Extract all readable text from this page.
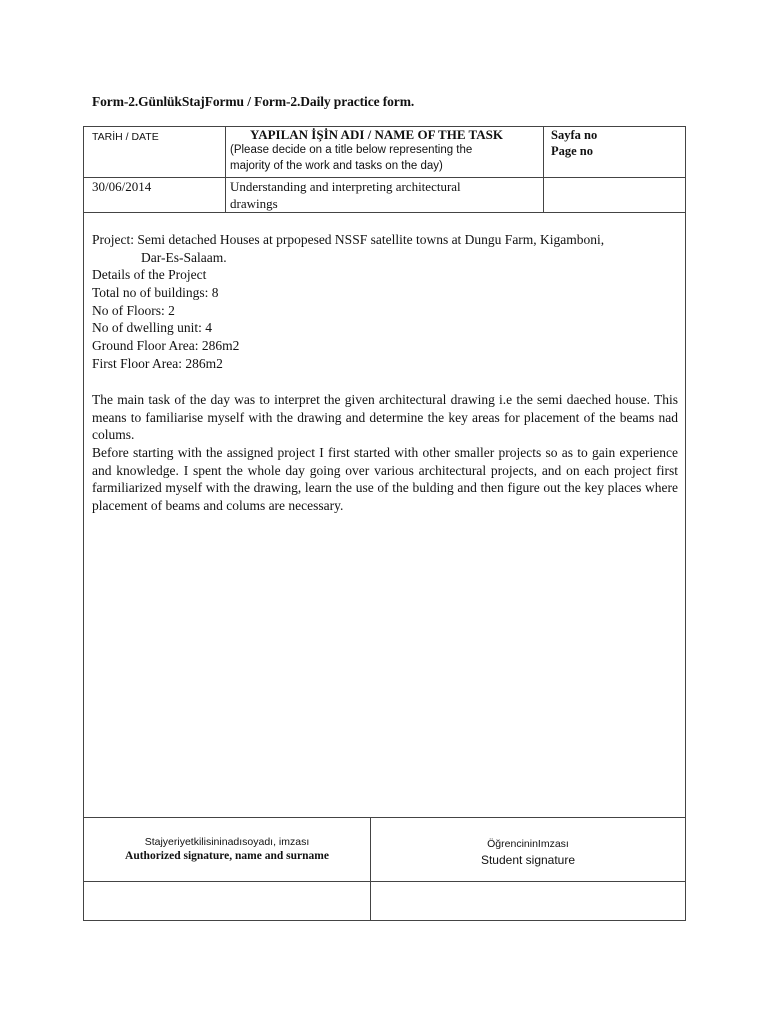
Form-2.GünlükStajFormu / Form-2.Daily practice form.
TARİH / DATE	YAPILAN İŞİN ADI / NAME OF THE TASK
(Please decide on a title below representing the
majority of the work and tasks on the day)
Sayfa no
Page no
30/06/2014	Understanding and interpreting architectural
drawings
Project: Semi detached Houses at prpopesed NSSF satellite towns at Dungu Farm, Kigamboni,
Dar-Es-Salaam.
Details of the Project
Total no of buildings: 8
No of Floors: 2
No of dwelling unit: 4
Ground Floor Area: 286m2
First Floor Area: 286m2
The main task of the day was to interpret the given architectural drawing i.e the semi daeched house. This means to familiarise myself with the drawing and determine the key areas for placement of the beams nad colums.
Before starting with the assigned project I first started with other smaller projects so as to gain experience and knowledge. I spent the whole day going over various architectural projects, and on each project first farmiliarized myself with the drawing, learn the use of the bulding and then figure out the key places where placement of beams and colums are necessary.
Stajyeriyetkilisininadısoyadı, imzası
Authorized signature, name and surname
ÖğrencininImzası
Student signature
